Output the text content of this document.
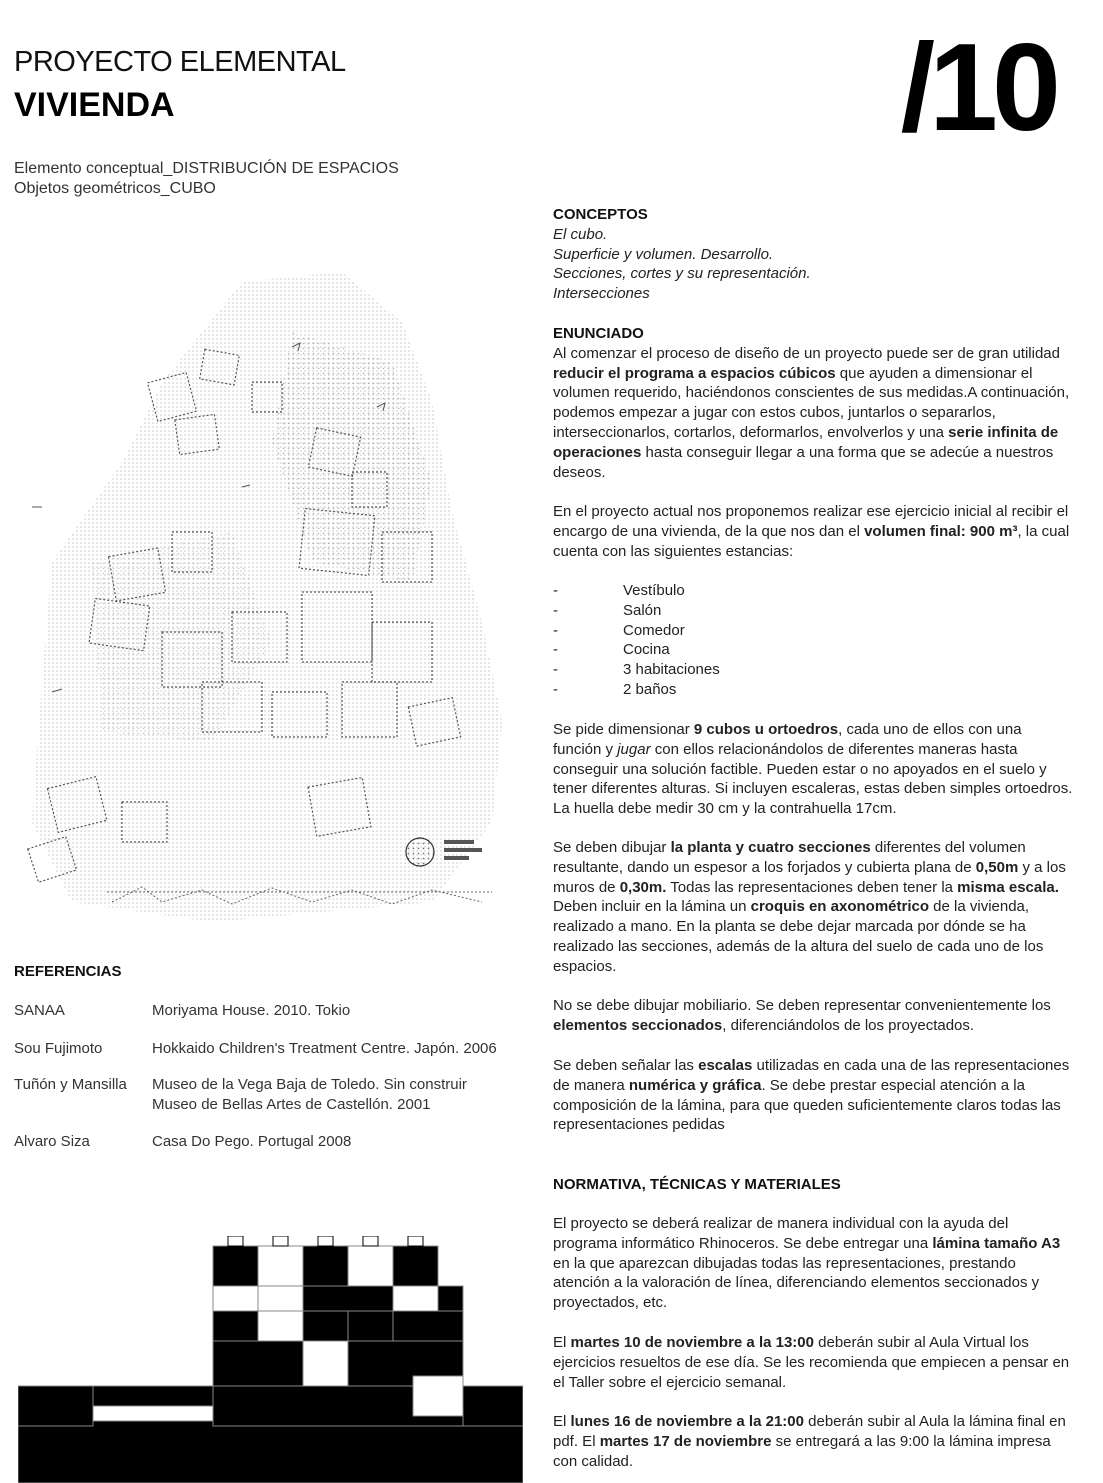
PROYECTO ELEMENTAL
VIVIENDA	/10
Elemento conceptual_DISTRIBUCIÓN DE ESPACIOS
Objetos geométricos_CUBO
CONCEPTOS
El cubo.
Superficie y volumen. Desarrollo.
Secciones, cortes y su representación.
Intersecciones
ENUNCIADO

Al comenzar el proceso de diseño de un proyecto puede ser de gran utilidad reducir el programa a espacios cúbicos que ayuden a dimensionar el volumen requerido, haciéndonos conscientes de sus medidas.A continuación, podemos empezar a jugar con estos cubos, juntarlos o separarlos, interseccionarlos, cortarlos, deformarlos, envolverlos y una serie infinita de operaciones hasta conseguir llegar a una forma que se adecúe a nuestros deseos.

En el proyecto actual nos proponemos realizar ese ejercicio inicial al recibir el encargo de una vivienda, de la que nos dan el volumen final: 900 m³, la cual cuenta con las siguientes estancias:

- Vestíbulo
- Salón
- Comedor
- Cocina
- 3 habitaciones
- 2 baños

Se pide dimensionar 9 cubos u ortoedros, cada uno de ellos con una función y jugar con ellos relacionándolos de diferentes maneras hasta conseguir una solución factible. Pueden estar o no apoyados en el suelo y tener diferentes alturas. Si incluyen escaleras, estas deben simples ortoedros. La huella debe medir 30 cm y la contrahuella 17cm.

Se deben dibujar la planta y cuatro secciones diferentes del volumen resultante, dando un espesor a los forjados y cubierta plana de 0,50m y a los muros de 0,30m. Todas las representaciones deben tener la misma escala. Deben incluir en la lámina un croquis en axonométrico de la vivienda, realizado a mano. En la planta se debe dejar marcada por dónde se ha realizado las secciones, además de la altura del suelo de cada uno de los espacios.

No se debe dibujar mobiliario. Se deben representar convenientemente los elementos seccionados, diferenciándolos de los proyectados.

Se deben señalar las escalas utilizadas en cada una de las representaciones de manera numérica y gráfica. Se debe prestar especial atención a la composición de la lámina, para que queden suficientemente claros todas las representaciones pedidas

NORMATIVA, TÉCNICAS Y MATERIALES

El proyecto se deberá realizar de manera individual con la ayuda del programa informático Rhinoceros. Se debe entregar una lámina tamaño A3 en la que aparezcan dibujadas todas las representaciones, prestando atención a la valoración de línea, diferenciando elementos seccionados y proyectados, etc.

El martes 10 de noviembre a la 13:00 deberán subir al Aula Virtual los ejercicios resueltos de ese día. Se les recomienda que empiecen a pensar en el Taller sobre el ejercicio semanal.

El lunes 16 de noviembre a la 21:00 deberán subir al Aula la lámina final en pdf. El martes 17 de noviembre se entregará a las 9:00 la lámina impresa con calidad.

REFERENCIAS
SANAA	Moriyama House. 2010. Tokio
Sou Fujimoto	Hokkaido Children's Treatment Centre. Japón. 2006
Tuñón y Mansilla	Museo de la Vega Baja de Toledo. Sin construir
Museo de Bellas Artes de Castellón. 2001
Alvaro Siza	Casa Do Pego. Portugal 2008
